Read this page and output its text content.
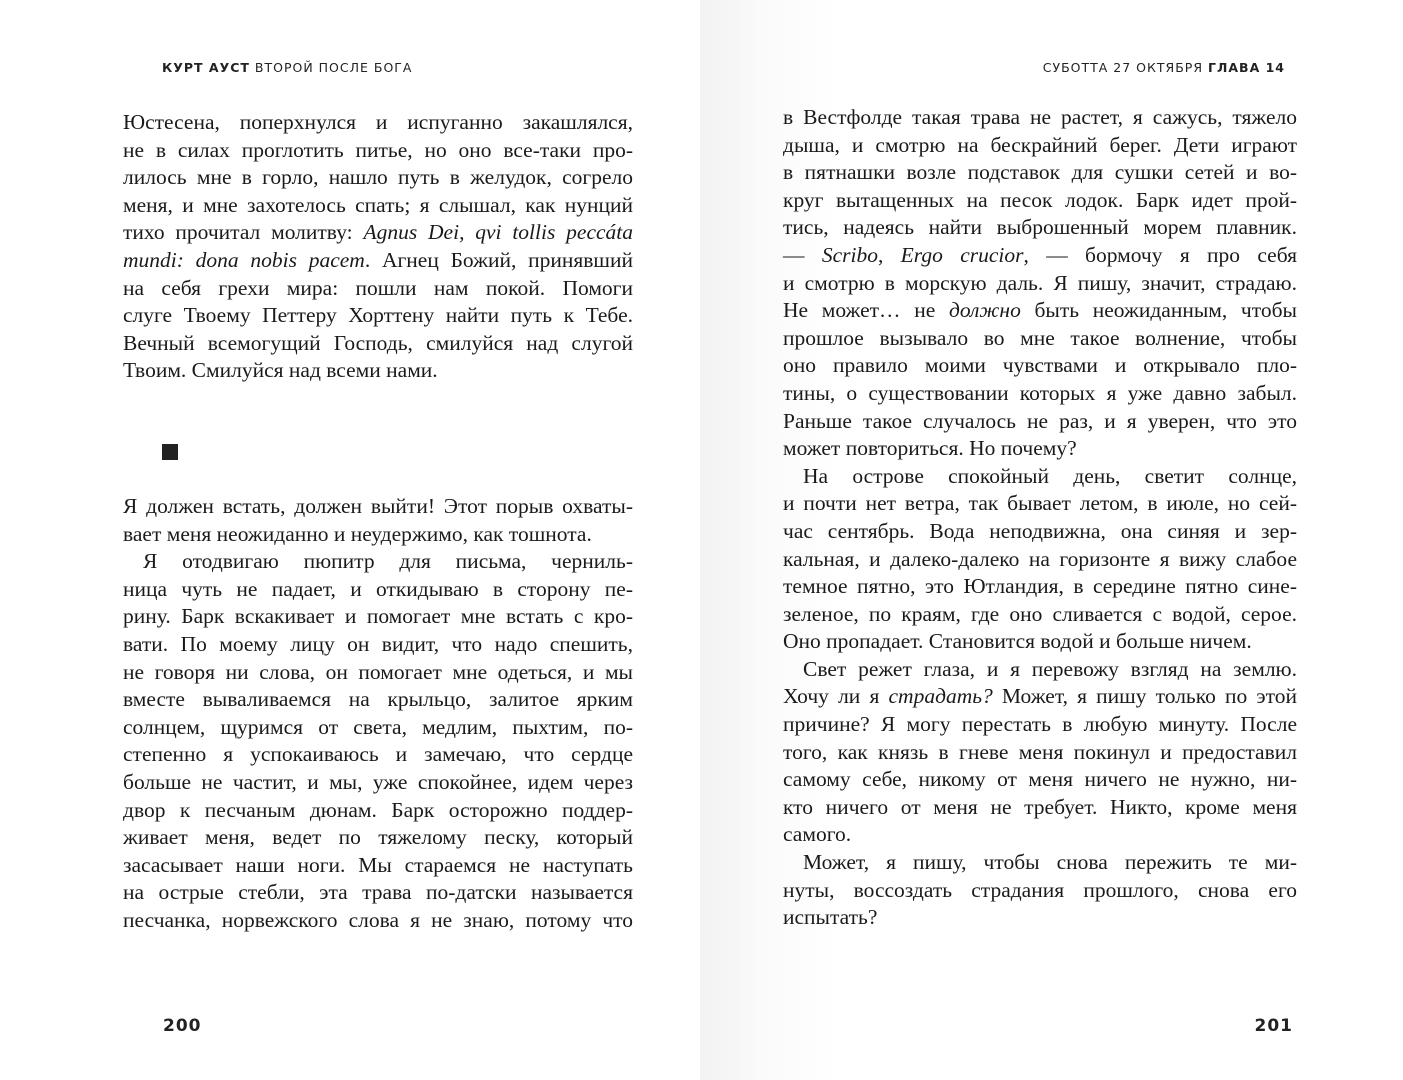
КУРТ АУСТ ВТОРОЙ ПОСЛЕ БОГА
Юстесена, поперхнулся и испуганно закашлялся,
не в силах проглотить питье, но оно все-таки про-
лилось мне в горло, нашло путь в желудок, согрело
меня, и мне захотелось спать; я слышал, как нунций
тихо прочитал молитву: Agnus Dei, qvi tollis peccáta
mundi: dona nobis pacem. Агнец Божий, принявший
на себя грехи мира: пошли нам покой. Помоги
слуге Твоему Петтеру Хорттену найти путь к Тебе.
Вечный всемогущий Господь, смилуйся над слугой
Твоим. Смилуйся над всеми нами.
Я должен встать, должен выйти! Этот порыв охваты-
вает меня неожиданно и неудержимо, как тошнота.
Я отодвигаю пюпитр для письма, черниль-
ница чуть не падает, и откидываю в сторону пе-
рину. Барк вскакивает и помогает мне встать с кро-
вати. По моему лицу он видит, что надо спешить,
не говоря ни слова, он помогает мне одеться, и мы
вместе вываливаемся на крыльцо, залитое ярким
солнцем, щуримся от света, медлим, пыхтим, по-
степенно я успокаиваюсь и замечаю, что сердце
больше не частит, и мы, уже спокойнее, идем через
двор к песчаным дюнам. Барк осторожно поддер-
живает меня, ведет по тяжелому песку, который
засасывает наши ноги. Мы стараемся не наступать
на острые стебли, эта трава по-датски называется
песчанка, норвежского слова я не знаю, потому что
200
СУБОТТА 27 ОКТЯБРЯ ГЛАВА 14
в Вестфолде такая трава не растет, я сажусь, тяжело
дыша, и смотрю на бескрайний берег. Дети играют
в пятнашки возле подставок для сушки сетей и во-
круг вытащенных на песок лодок. Барк идет прой-
тись, надеясь найти выброшенный морем плавник.
— Scribo, Ergo crucior, — бормочу я про себя
и смотрю в морскую даль. Я пишу, значит, страдаю.
Не может… не должно быть неожиданным, чтобы
прошлое вызывало во мне такое волнение, чтобы
оно правило моими чувствами и открывало пло-
тины, о существовании которых я уже давно забыл.
Раньше такое случалось не раз, и я уверен, что это
может повториться. Но почему?
На острове спокойный день, светит солнце,
и почти нет ветра, так бывает летом, в июле, но сей-
час сентябрь. Вода неподвижна, она синяя и зер-
кальная, и далеко-далеко на горизонте я вижу слабое
темное пятно, это Ютландия, в середине пятно сине-
зеленое, по краям, где оно сливается с водой, серое.
Оно пропадает. Становится водой и больше ничем.
Свет режет глаза, и я перевожу взгляд на землю.
Хочу ли я страдать? Может, я пишу только по этой
причине? Я могу перестать в любую минуту. После
того, как князь в гневе меня покинул и предоставил
самому себе, никому от меня ничего не нужно, ни-
кто ничего от меня не требует. Никто, кроме меня
самого.
Может, я пишу, чтобы снова пережить те ми-
нуты, воссоздать страдания прошлого, снова его
испытать?
201
